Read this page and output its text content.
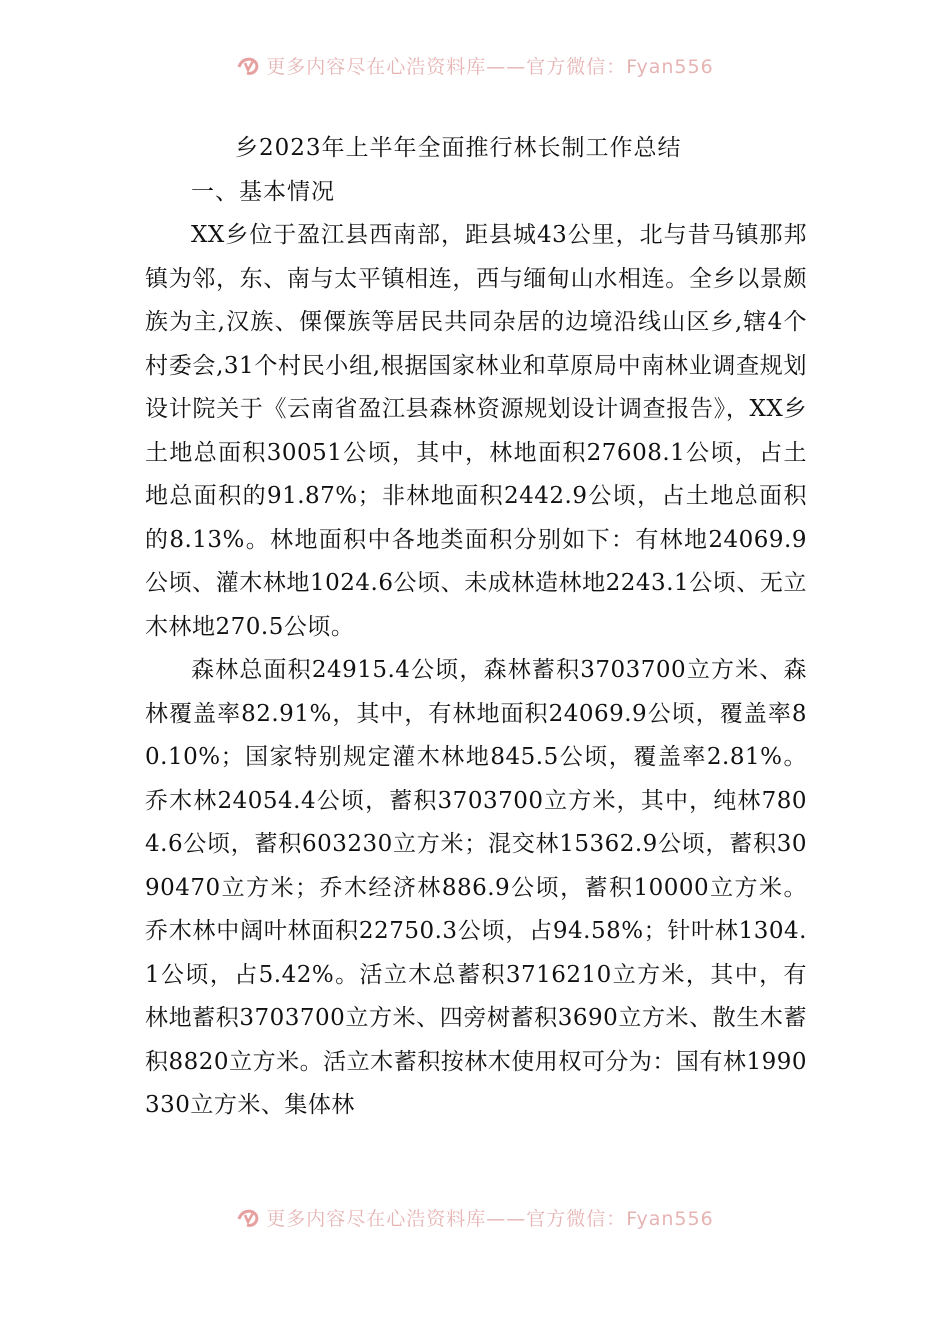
更多内容尽在心浩资料库——官方微信：Fyan556
乡2023年上半年全面推行林长制工作总结
一、基本情况

XX乡位于盈江县西南部，距县城43公里，北与昔马镇那邦镇为邻，东、南与太平镇相连，西与缅甸山水相连。全乡以景颇族为主,汉族、傈僳族等居民共同杂居的边境沿线山区乡,辖4个村委会,31个村民小组,根据国家林业和草原局中南林业调查规划设计院关于《云南省盈江县森林资源规划设计调查报告》，XX乡土地总面积30051公顷，其中，林地面积27608.1公顷，占土地总面积的91.87%；非林地面积2442.9公顷，占土地总面积的8.13%。林地面积中各地类面积分别如下：有林地24069.9公顷、灌木林地1024.6公顷、未成林造林地2243.1公顷、无立木林地270.5公顷。

森林总面积24915.4公顷，森林蓄积3703700立方米、森林覆盖率82.91%，其中，有林地面积24069.9公顷，覆盖率80.10%；国家特别规定灌木林地845.5公顷，覆盖率2.81%。乔木林24054.4公顷，蓄积3703700立方米，其中，纯林7804.6公顷，蓄积603230立方米；混交林15362.9公顷，蓄积3090470立方米；乔木经济林886.9公顷，蓄积10000立方米。乔木林中阔叶林面积22750.3公顷，占94.58%；针叶林1304.1公顷，占5.42%。活立木总蓄积3716210立方米，其中，有林地蓄积3703700立方米、四旁树蓄积3690立方米、散生木蓄积8820立方米。活立木蓄积按林木使用权可分为：国有林1990330立方米、集体林

更多内容尽在心浩资料库——官方微信：Fyan556
